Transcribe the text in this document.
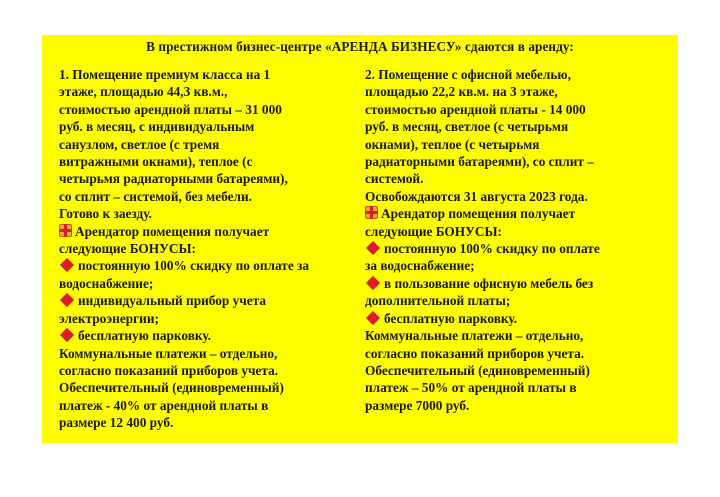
В престижном бизнес-центре «АРЕНДА БИЗНЕСУ» сдаются в аренду:
1. Помещение премиум класса на 1
этаже, площадью 44,3 кв.м.,
стоимостью арендной платы – 31 000
руб. в месяц, с индивидуальным
санузлом, светлое (с тремя
витражными окнами), теплое (с
четырьмя радиаторными батареями),
со сплит – системой, без мебели.
Готово к заезду.
Арендатор помещения получает
следующие БОНУСЫ:
постоянную 100% скидку по оплате за
водоснабжение;
индивидуальный прибор учета
электроэнергии;
бесплатную парковку.
Коммунальные платежи – отдельно,
согласно показаний приборов учета.
Обеспечительный (единовременный)
платеж - 40% от арендной платы в
размере 12 400 руб.
2. Помещение с офисной мебелью,
площадью 22,2 кв.м. на 3 этаже,
стоимостью арендной платы - 14 000
руб. в месяц, светлое (с четырьмя
окнами), теплое (с четырьмя
радиаторными батареями), со сплит –
системой.
Освобождаются 31 августа 2023 года.
Арендатор помещения получает
следующие БОНУСЫ:
постоянную 100% скидку по оплате
за водоснабжение;
в пользование офисную мебель без
дополнительной платы;
бесплатную парковку.
Коммунальные платежи – отдельно,
согласно показаний приборов учета.
Обеспечительный (единовременный)
платеж – 50% от арендной платы в
размере 7000 руб.
